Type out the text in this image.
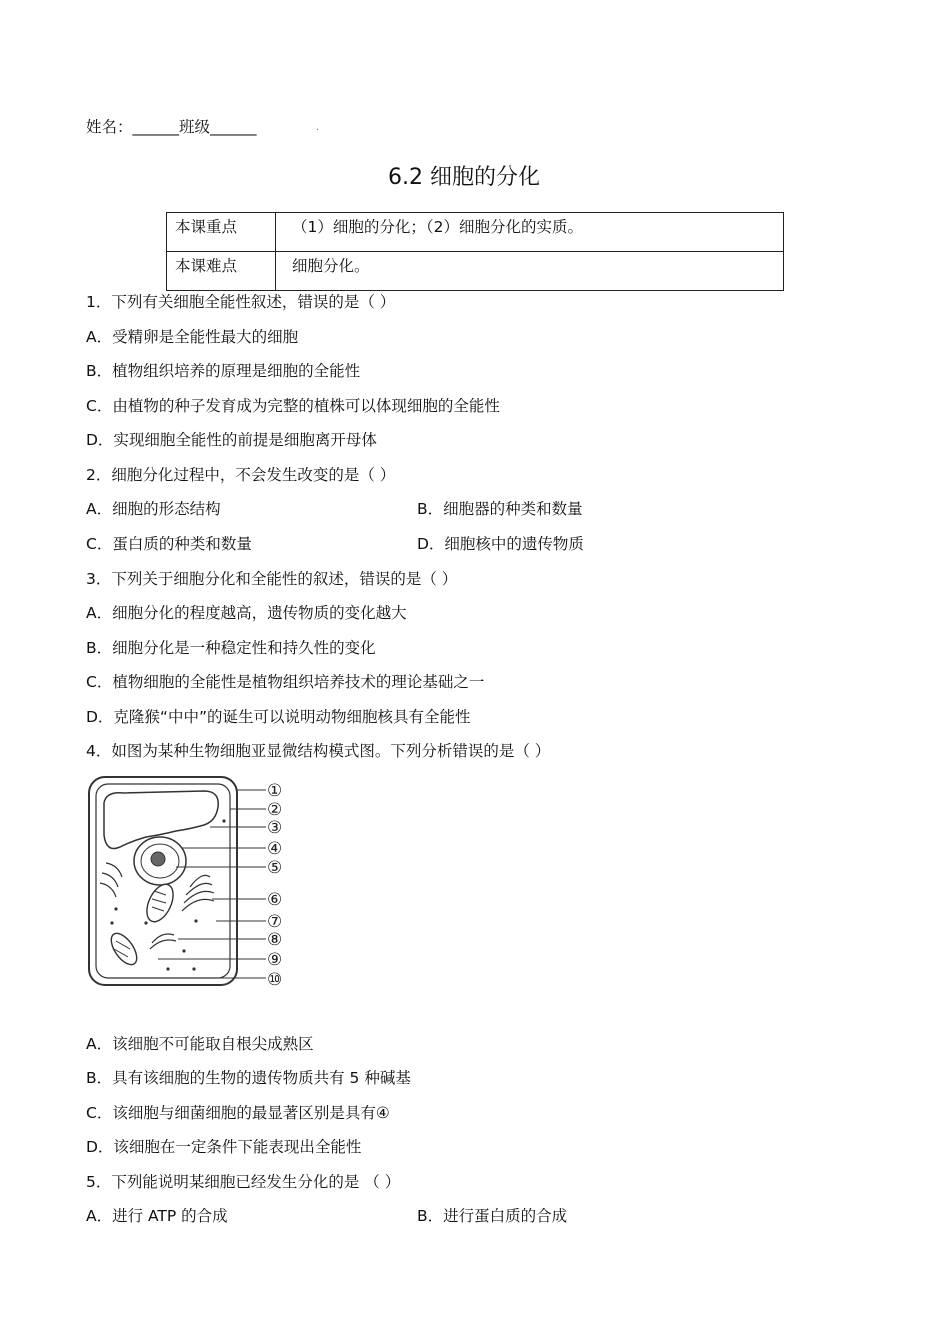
姓名：______班级______	.
6.2 细胞的分化
本课重点	（1）细胞的分化；（2）细胞分化的实质。
本课难点	细胞分化。
1．下列有关细胞全能性叙述，错误的是（ ）
A．受精卵是全能性最大的细胞
B．植物组织培养的原理是细胞的全能性
C．由植物的种子发育成为完整的植株可以体现细胞的全能性
D．实现细胞全能性的前提是细胞离开母体
2．细胞分化过程中，不会发生改变的是（ ）
A．细胞的形态结构	B．细胞器的种类和数量
C．蛋白质的种类和数量	D．细胞核中的遗传物质
3．下列关于细胞分化和全能性的叙述，错误的是（ ）
A．细胞分化的程度越高，遗传物质的变化越大
B．细胞分化是一种稳定性和持久性的变化
C．植物细胞的全能性是植物组织培养技术的理论基础之一
D．克隆猴“中中”的诞生可以说明动物细胞核具有全能性
4．如图为某种生物细胞亚显微结构模式图。下列分析错误的是（ ）
①
②
③
④
⑤
⑥
⑦
⑧
⑨
⑩
A．该细胞不可能取自根尖成熟区
B．具有该细胞的生物的遗传物质共有 5 种碱基
C．该细胞与细菌细胞的最显著区别是具有④
D．该细胞在一定条件下能表现出全能性
5．下列能说明某细胞已经发生分化的是 （ ）
A．进行 ATP 的合成	B．进行蛋白质的合成
